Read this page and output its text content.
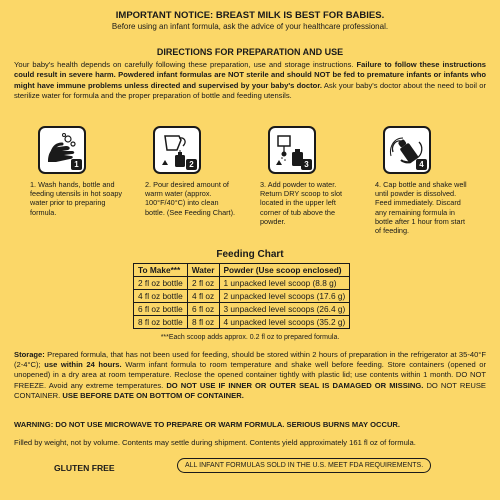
IMPORTANT NOTICE: BREAST MILK IS BEST FOR BABIES.
Before using an infant formula, ask the advice of your healthcare professional.
DIRECTIONS FOR PREPARATION AND USE
Your baby's health depends on carefully following these preparation, use and storage instructions. Failure to follow these instructions could result in severe harm. Powdered infant formulas are NOT sterile and should NOT be fed to premature infants or infants who might have immune problems unless directed and supervised by your baby's doctor. Ask your baby's doctor about the need to boil or sterilize water for formula and the proper preparation of bottle and feeding utensils.
1
1. Wash hands, bottle and feeding utensils in hot soapy water prior to preparing formula.
2
2. Pour desired amount of warm water (approx. 100°F/40°C) into clean bottle. (See Feeding Chart).
3
3. Add powder to water. Return DRY scoop to slot located in the upper left corner of tub above the powder.
4
4. Cap bottle and shake well until powder is dissolved. Feed immediately. Discard any remaining formula in bottle after 1 hour from start of feeding.
Feeding Chart
To Make***	Water	Powder (Use scoop enclosed)
2 fl oz bottle	2 fl oz	1 unpacked level scoop (8.8 g)
4 fl oz bottle	4 fl oz	2 unpacked level scoops (17.6 g)
6 fl oz bottle	6 fl oz	3 unpacked level scoops (26.4 g)
8 fl oz bottle	8 fl oz	4 unpacked level scoops (35.2 g)
***Each scoop adds approx. 0.2 fl oz to prepared formula.
Storage: Prepared formula, that has not been used for feeding, should be stored within 2 hours of preparation in the refrigerator at 35-40°F (2-4°C); use within 24 hours. Warm infant formula to room temperature and shake well before feeding. Store containers (opened or unopened) in a dry area at room temperature. Reclose the opened container tightly with plastic lid; use contents within 1 month. DO NOT FREEZE. Avoid any extreme temperatures. DO NOT USE IF INNER OR OUTER SEAL IS DAMAGED OR MISSING. DO NOT REUSE CONTAINER. USE BEFORE DATE ON BOTTOM OF CONTAINER.
WARNING: DO NOT USE MICROWAVE TO PREPARE OR WARM FORMULA. SERIOUS BURNS MAY OCCUR.
Filled by weight, not by volume. Contents may settle during shipment. Contents yield approximately 161 fl oz of formula.
GLUTEN FREE	ALL INFANT FORMULAS SOLD IN THE U.S. MEET FDA REQUIREMENTS.
